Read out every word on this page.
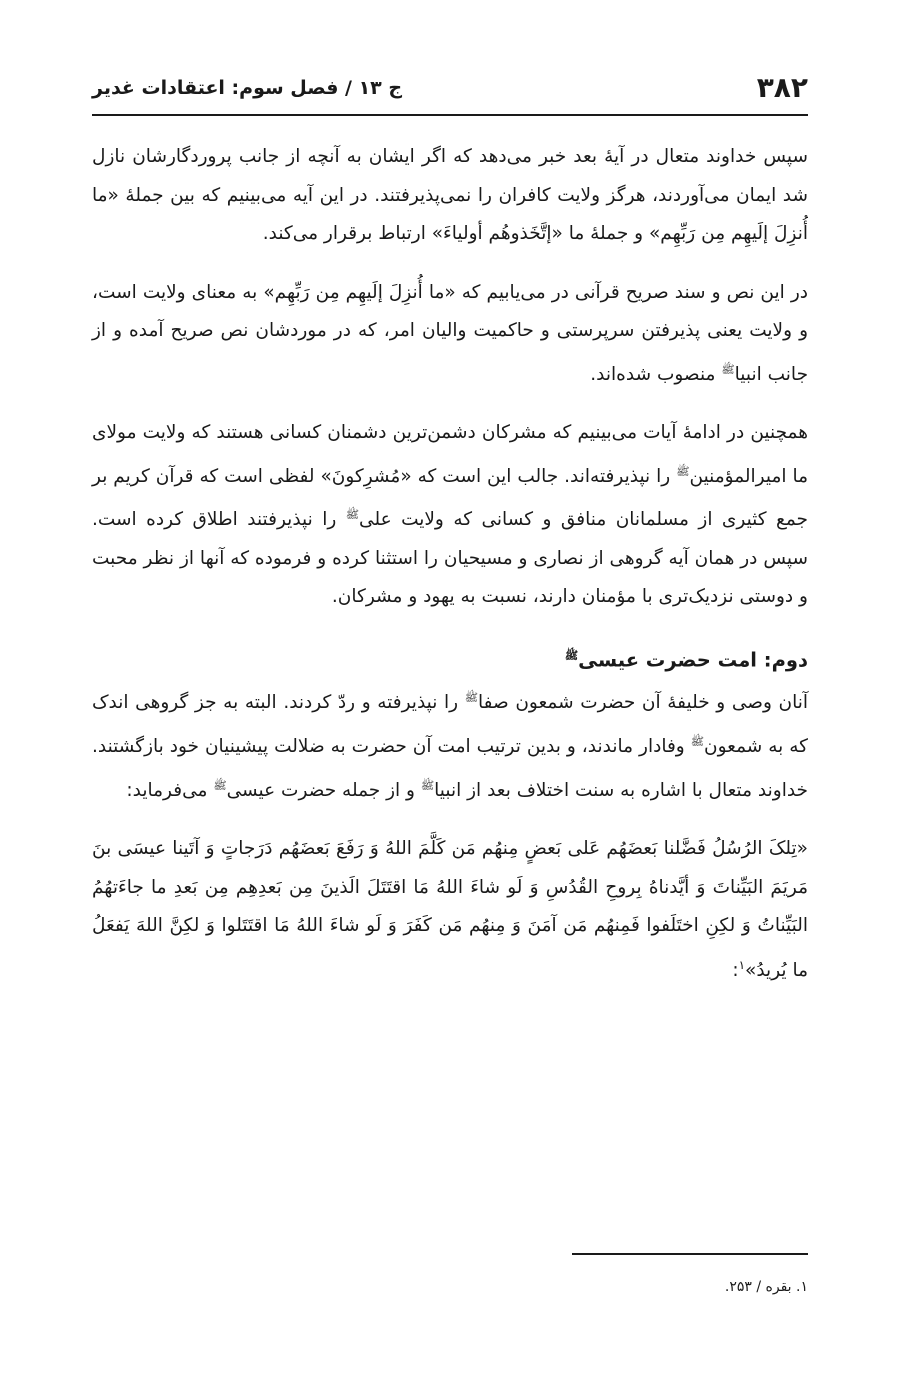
۳۸۲
ج ۱۳ / فصل سوم: اعتقادات غدیر

سپس خداوند متعال در آیهٔ بعد خبر می‌دهد که اگر ایشان به آنچه از جانب پروردگارشان نازل شد ایمان می‌آوردند، هرگز ولایت کافران را نمی‌پذیرفتند. در این آیه می‌بینیم که بین جملهٔ «ما أُنزِلَ إلَیهِم مِن رَبِّهِم» و جملهٔ ما «إتَّخَذوهُم أولیاءَ» ارتباط برقرار می‌کند.

در این نص و سند صریح قرآنی در می‌یابیم که «ما أُنزِلَ إلَیهِم مِن رَبِّهِم» به معنای ولایت است، و ولایت یعنی پذیرفتن سرپرستی و حاکمیت والیان امر، که در موردشان نص صریح آمده و از جانب انبیا$^ﷺ$ منصوب شده‌اند.

همچنین در ادامهٔ آیات می‌بینیم که مشرکان دشمن‌ترین دشمنان کسانی هستند که ولایت مولای ما امیرالمؤمنین$^ﷺ$ را نپذیرفته‌اند. جالب این است که «مُشرِکونَ» لفظی است که قرآن کریم بر جمع کثیری از مسلمانان منافق و کسانی که ولایت علی$^ﷺ$ را نپذیرفتند اطلاق کرده است. سپس در همان آیه گروهی از نصاری و مسیحیان را استثنا کرده و فرموده که آنها از نظر محبت و دوستی نزدیک‌تری با مؤمنان دارند، نسبت به یهود و مشرکان.

دوم: امت حضرت عیسی$^ﷺ$

آنان وصی و خلیفهٔ آن حضرت شمعون صفا$^ﷺ$ را نپذیرفته و ردّ کردند. البته به جز گروهی اندک که به شمعون$^ﷺ$ وفادار ماندند، و بدین ترتیب امت آن حضرت به ضلالت پیشینیان خود بازگشتند. خداوند متعال با اشاره به سنت اختلاف بعد از انبیا$^ﷺ$ و از جمله حضرت عیسی$^ﷺ$ می‌فرماید:

«تِلکَ الرُسُلُ فَضَّلنا بَعضَهُم عَلی بَعضٍ مِنهُم مَن کَلَّمَ اللهُ وَ رَفَعَ بَعضَهُم دَرَجاتٍ وَ آتَینا عیسَی بنَ مَریَمَ البَیِّناتَ وَ أیَّدناهُ بِروحِ القُدُسِ وَ لَو شاءَ اللهُ مَا اقتَتَلَ الَذینَ مِن بَعدِهِم مِن بَعدِ ما جاءَتهُمُ البَیِّناتُ وَ لکِنِ اختَلَفوا فَمِنهُم مَن آمَنَ وَ مِنهُم مَن کَفَرَ وَ لَو شاءَ اللهُ مَا اقتَتَلوا وَ لکِنَّ اللهَ یَفعَلُ ما یُریدُ»$^۱$:

۱. بقره / ۲۵۳.
